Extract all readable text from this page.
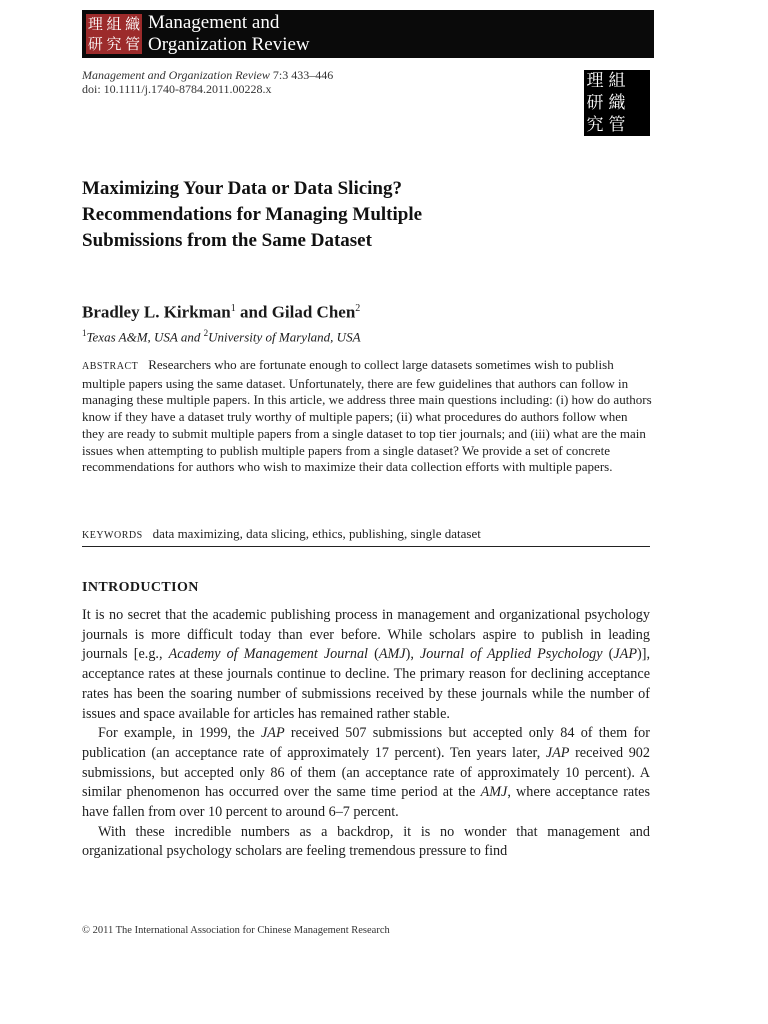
理 組 織
研 究 管
Management and
Organization Review
Management and Organization Review 7:3 433–446
doi: 10.1111/j.1740-8784.2011.00228.x	理 組
研 織
究 管
Maximizing Your Data or Data Slicing?
Recommendations for Managing Multiple
Submissions from the Same Dataset
Bradley L. Kirkman$^1$ and Gilad Chen$^2$
$^1$Texas A&M, USA and $^2$University of Maryland, USA
ABSTRACT Researchers who are fortunate enough to collect large datasets sometimes wish to publish multiple papers using the same dataset. Unfortunately, there are few guidelines that authors can follow in managing these multiple papers. In this article, we address three main questions including: (i) how do authors know if they have a dataset truly worthy of multiple papers; (ii) what procedures do authors follow when they are ready to submit multiple papers from a single dataset to top tier journals; and (iii) what are the main issues when attempting to publish multiple papers from a single dataset? We provide a set of concrete recommendations for authors who wish to maximize their data collection efforts with multiple papers.
KEYWORDS data maximizing, data slicing, ethics, publishing, single dataset
INTRODUCTION

It is no secret that the academic publishing process in management and organizational psychology journals is more difficult today than ever before. While scholars aspire to publish in leading journals [e.g., Academy of Management Journal (AMJ), Journal of Applied Psychology (JAP)], acceptance rates at these journals continue to decline. The primary reason for declining acceptance rates has been the soaring number of submissions received by these journals while the number of issues and space available for articles has remained rather stable.

For example, in 1999, the JAP received 507 submissions but accepted only 84 of them for publication (an acceptance rate of approximately 17 percent). Ten years later, JAP received 902 submissions, but accepted only 86 of them (an acceptance rate of approximately 10 percent). A similar phenomenon has occurred over the same time period at the AMJ, where acceptance rates have fallen from over 10 percent to around 6–7 percent.

With these incredible numbers as a backdrop, it is no wonder that management and organizational psychology scholars are feeling tremendous pressure to find

© 2011 The International Association for Chinese Management Research
